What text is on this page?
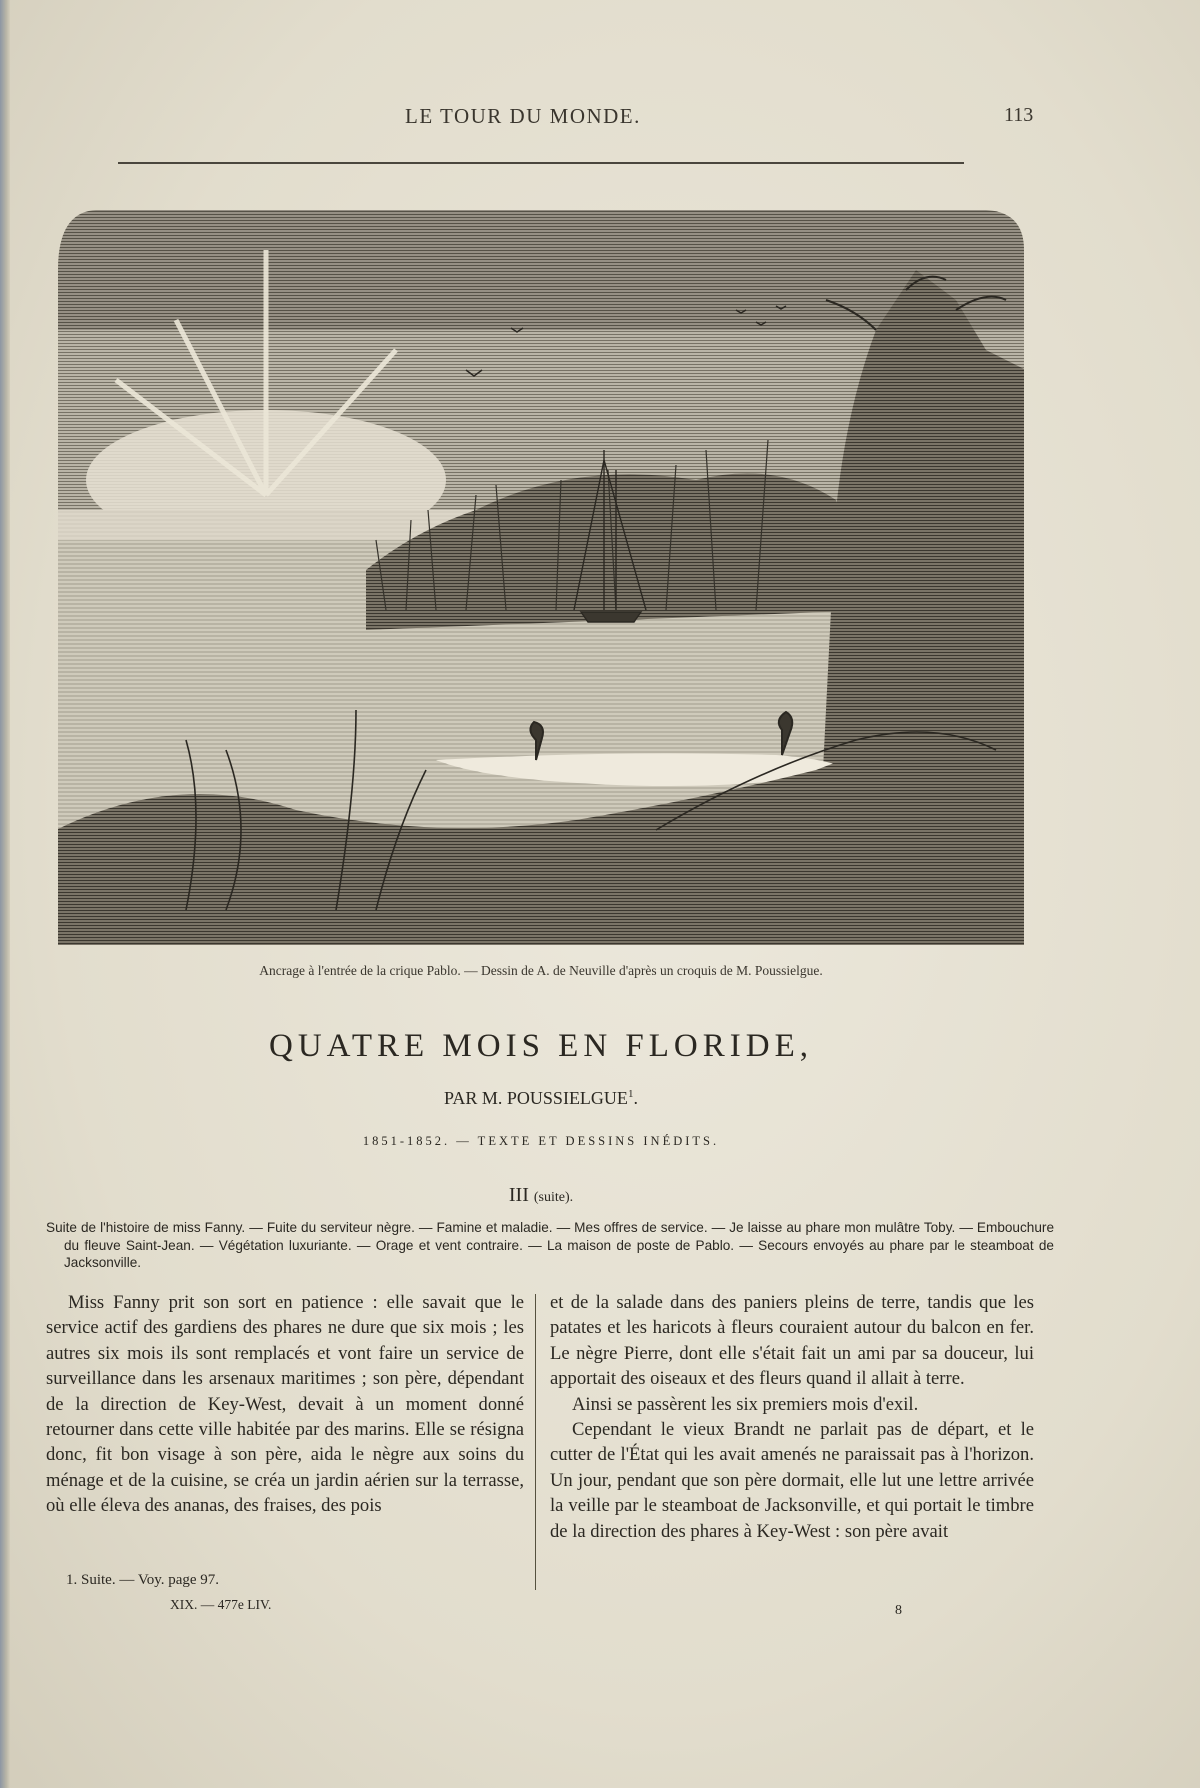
LE TOUR DU MONDE.	113
Ancrage à l'entrée de la crique Pablo. — Dessin de A. de Neuville d'après un croquis de M. Poussielgue.
QUATRE MOIS EN FLORIDE,
PAR M. POUSSIELGUE$^1$.
1851-1852. — TEXTE ET DESSINS INÉDITS.
III (suite).
Suite de l'histoire de miss Fanny. — Fuite du serviteur nègre. — Famine et maladie. — Mes offres de service. — Je laisse au phare mon mulâtre Toby. — Embouchure du fleuve Saint-Jean. — Végétation luxuriante. — Orage et vent contraire. — La maison de poste de Pablo. — Secours envoyés au phare par le steamboat de Jacksonville.

Miss Fanny prit son sort en patience : elle savait que le service actif des gardiens des phares ne dure que six mois ; les autres six mois ils sont remplacés et vont faire un service de surveillance dans les arsenaux maritimes ; son père, dépendant de la direction de Key-West, devait à un moment donné retourner dans cette ville habitée par des marins. Elle se résigna donc, fit bon visage à son père, aida le nègre aux soins du ménage et de la cuisine, se créa un jardin aérien sur la terrasse, où elle éleva des ananas, des fraises, des pois

et de la salade dans des paniers pleins de terre, tandis que les patates et les haricots à fleurs couraient autour du balcon en fer. Le nègre Pierre, dont elle s'était fait un ami par sa douceur, lui apportait des oiseaux et des fleurs quand il allait à terre.

Ainsi se passèrent les six premiers mois d'exil.

Cependant le vieux Brandt ne parlait pas de départ, et le cutter de l'État qui les avait amenés ne paraissait pas à l'horizon. Un jour, pendant que son père dormait, elle lut une lettre arrivée la veille par le steamboat de Jacksonville, et qui portait le timbre de la direction des phares à Key-West : son père avait

1. Suite. — Voy. page 97.
XIX. — 477e LIV.	8
